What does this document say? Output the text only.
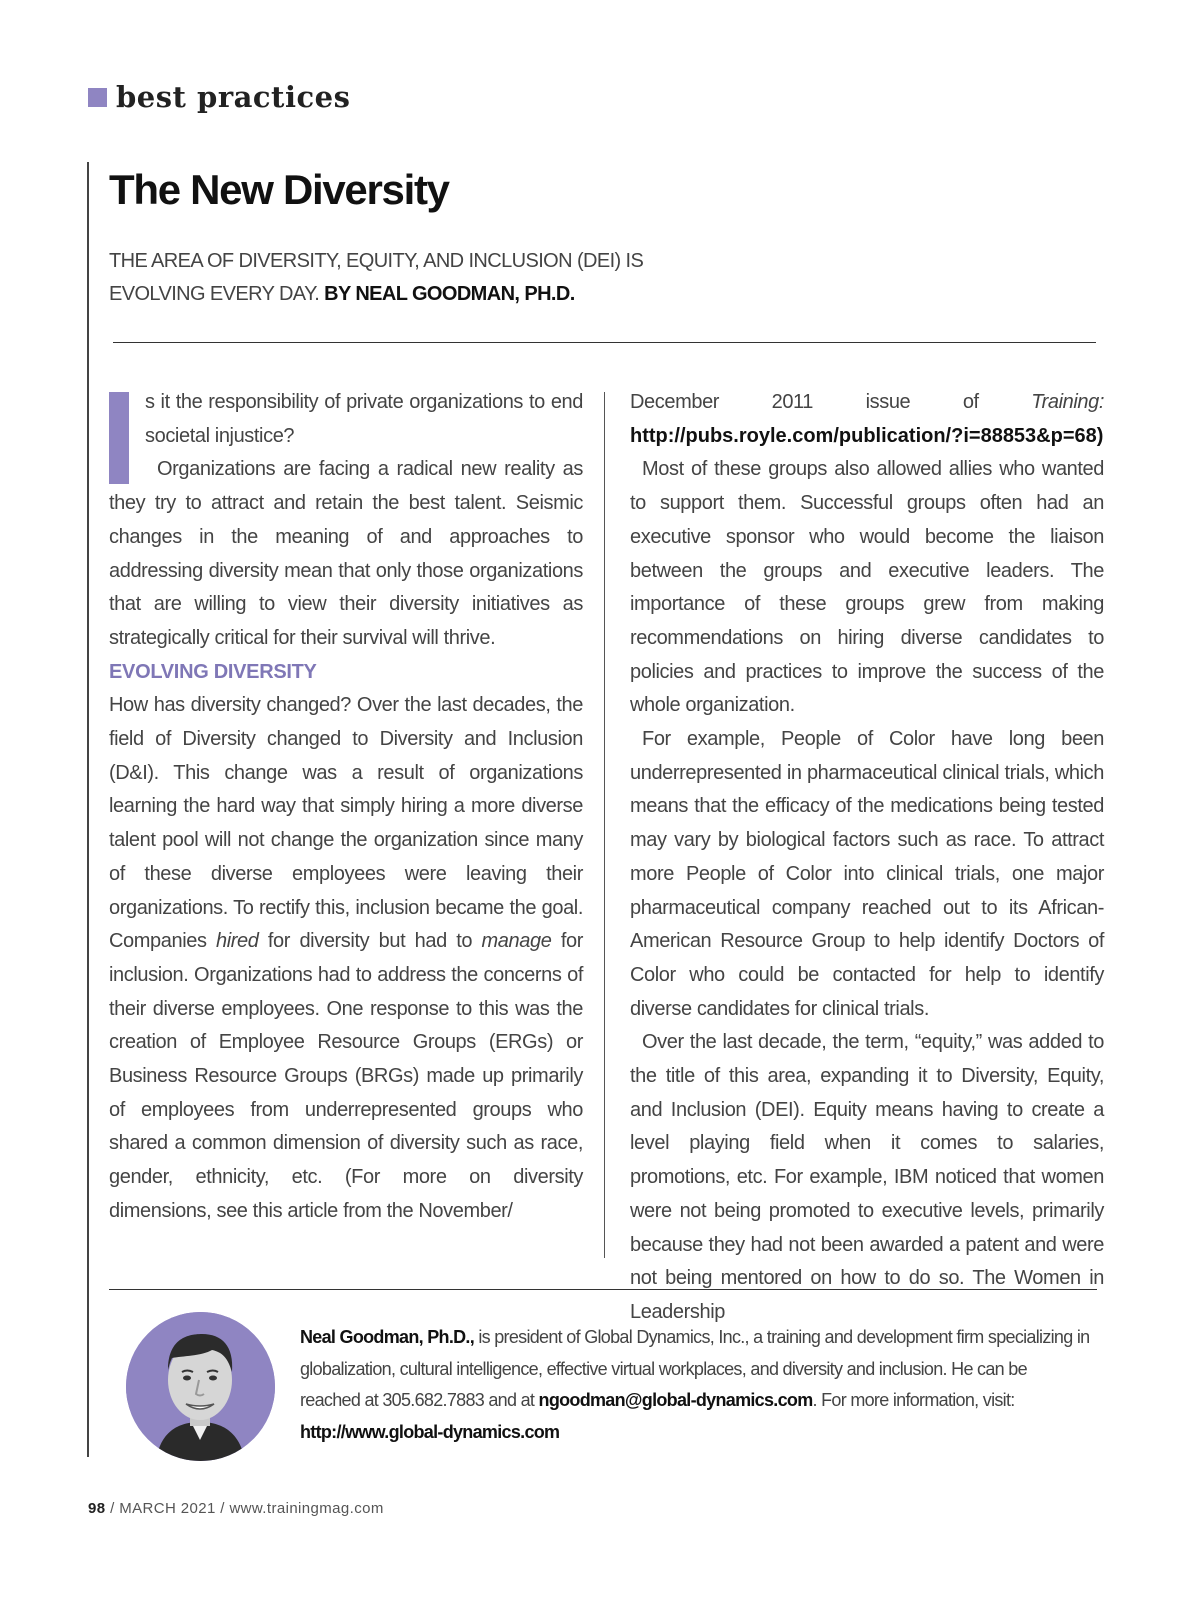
best practices
The New Diversity
THE AREA OF DIVERSITY, EQUITY, AND INCLUSION (DEI) IS EVOLVING EVERY DAY. BY NEAL GOODMAN, PH.D.

s it the responsibility of private organizations to end societal injustice?

Organizations are facing a radical new reality as they try to attract and retain the best talent. Seismic changes in the meaning of and approaches to addressing diversity mean that only those organizations that are willing to view their diversity initiatives as strategically critical for their survival will thrive.

EVOLVING DIVERSITY

How has diversity changed? Over the last decades, the field of Diversity changed to Diversity and Inclusion (D&I). This change was a result of organizations learning the hard way that simply hiring a more diverse talent pool will not change the organization since many of these diverse employees were leaving their organizations. To rectify this, inclusion became the goal. Companies hired for diversity but had to manage for inclusion. Organizations had to address the concerns of their diverse employees. One response to this was the creation of Employee Resource Groups (ERGs) or Business Resource Groups (BRGs) made up primarily of employees from underrepresented groups who shared a common dimension of diversity such as race, gender, ethnicity, etc. (For more on diversity dimensions, see this article from the November/

December 2011 issue of Training: http://pubs.royle.com/publication/?i=88853&p=68)

Most of these groups also allowed allies who wanted to support them. Successful groups often had an executive sponsor who would become the liaison between the groups and executive leaders. The importance of these groups grew from making recommendations on hiring diverse candidates to policies and practices to improve the success of the whole organization.

For example, People of Color have long been underrepresented in pharmaceutical clinical trials, which means that the efficacy of the medications being tested may vary by biological factors such as race. To attract more People of Color into clinical trials, one major pharmaceutical company reached out to its African-American Resource Group to help identify Doctors of Color who could be contacted for help to identify diverse candidates for clinical trials.

Over the last decade, the term, “equity,” was added to the title of this area, expanding it to Diversity, Equity, and Inclusion (DEI). Equity means having to create a level playing field when it comes to salaries, promotions, etc. For example, IBM noticed that women were not being promoted to executive levels, primarily because they had not been awarded a patent and were not being mentored on how to do so. The Women in Leadership

Neal Goodman, Ph.D., is president of Global Dynamics, Inc., a training and development firm specializing in globalization, cultural intelligence, effective virtual workplaces, and diversity and inclusion. He can be reached at 305.682.7883 and at ngoodman@global-dynamics.com. For more information, visit: http://www.global-dynamics.com
98 / MARCH 2021 / www.trainingmag.com
